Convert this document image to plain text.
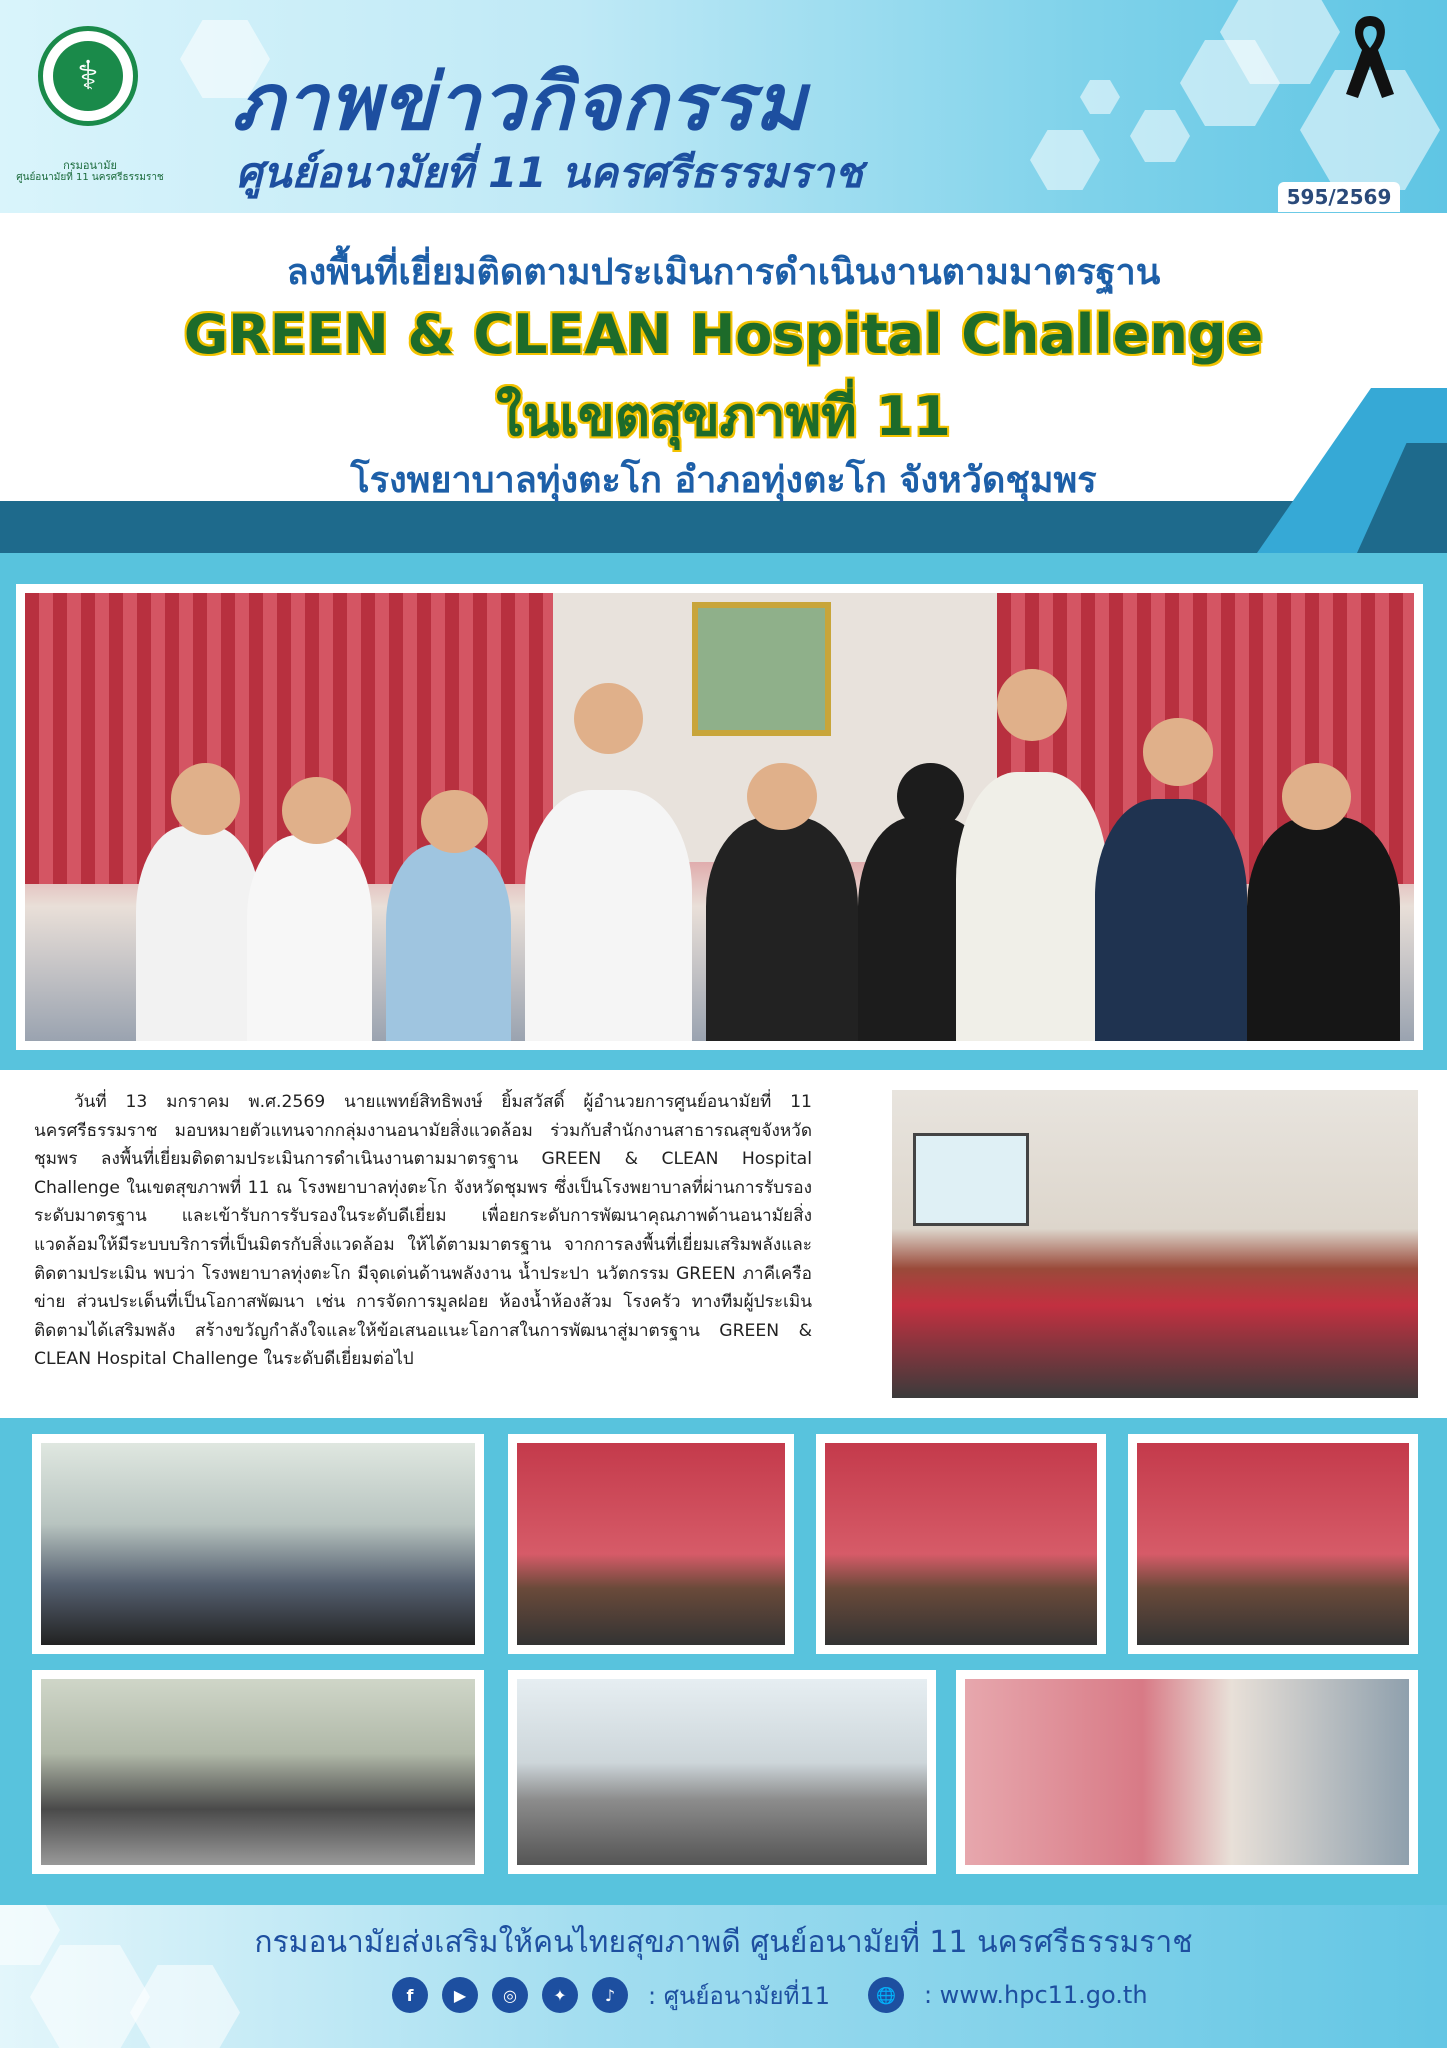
⚕
กรมอนามัย
ศูนย์อนามัยที่ 11 นครศรีธรรมราช
ภาพข่าวกิจกรรม
ศูนย์อนามัยที่ 11 นครศรีธรรมราช	595/2569
ลงพื้นที่เยี่ยมติดตามประเมินการดำเนินงานตามมาตรฐาน
GREEN & CLEAN Hospital Challenge
ในเขตสุขภาพที่ 11
โรงพยาบาลทุ่งตะโก อำภอทุ่งตะโก จังหวัดชุมพร

วันที่ 13 มกราคม พ.ศ.2569 นายแพทย์สิทธิพงษ์ ยิ้มสวัสดิ์ ผู้อำนวยการศูนย์อนามัยที่ 11 นครศรีธรรมราช มอบหมายตัวแทนจากกลุ่มงานอนามัยสิ่งแวดล้อม ร่วมกับสำนักงานสาธารณสุขจังหวัดชุมพร ลงพื้นที่เยี่ยมติดตามประเมินการดำเนินงานตามมาตรฐาน GREEN & CLEAN Hospital Challenge ในเขตสุขภาพที่ 11 ณ โรงพยาบาลทุ่งตะโก จังหวัดชุมพร ซึ่งเป็นโรงพยาบาลที่ผ่านการรับรองระดับมาตรฐาน และเข้ารับการรับรองในระดับดีเยี่ยม เพื่อยกระดับการพัฒนาคุณภาพด้านอนามัยสิ่งแวดล้อมให้มีระบบบริการที่เป็นมิตรกับสิ่งแวดล้อม ให้ได้ตามมาตรฐาน จากการลงพื้นที่เยี่ยมเสริมพลังและติดตามประเมิน พบว่า โรงพยาบาลทุ่งตะโก มีจุดเด่นด้านพลังงาน น้ำประปา นวัตกรรม GREEN ภาคีเครือข่าย ส่วนประเด็นที่เป็นโอกาสพัฒนา เช่น การจัดการมูลฝอย ห้องน้ำห้องส้วม โรงครัว ทางทีมผู้ประเมินติดตามได้เสริมพลัง สร้างขวัญกำลังใจและให้ข้อเสนอแนะโอกาสในการพัฒนาสู่มาตรฐาน GREEN & CLEAN Hospital Challenge ในระดับดีเยี่ยมต่อไป

กรมอนามัยส่งเสริมให้คนไทยสุขภาพดี ศูนย์อนามัยที่ 11 นครศรีธรรมราช
f	▶	◎	✦	♪	: ศูนย์อนามัยที่11	🌐	: www.hpc11.go.th
